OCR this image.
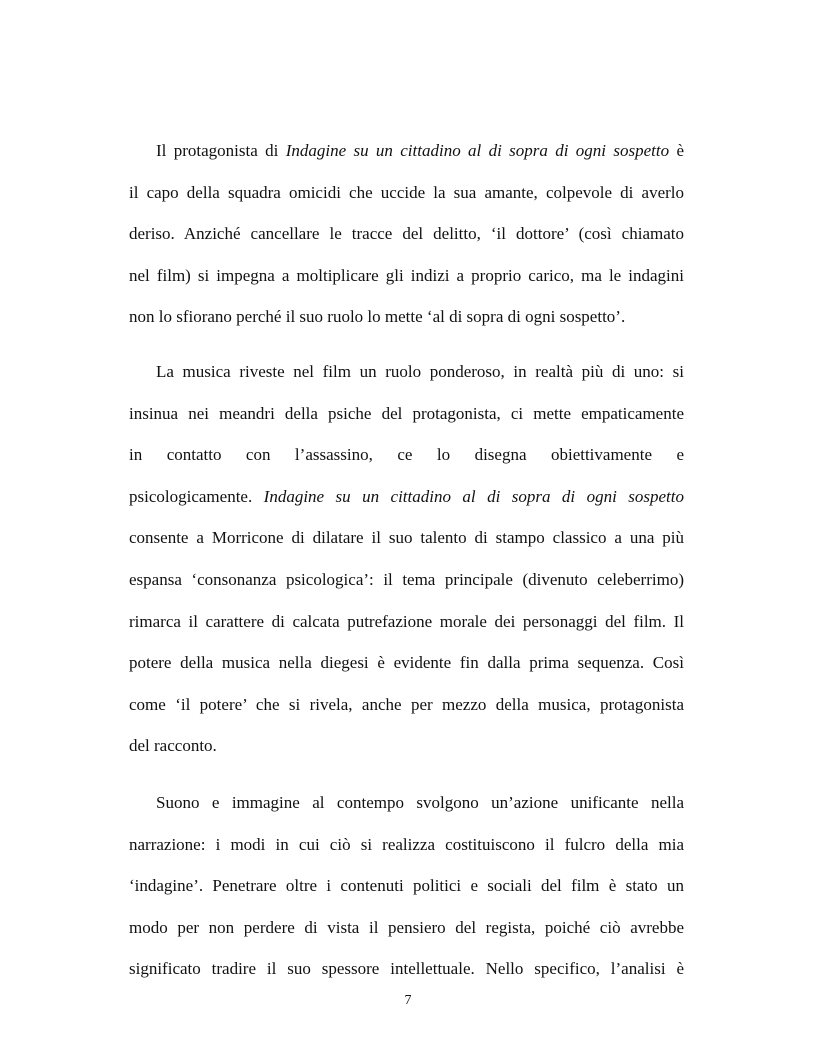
Il protagonista di Indagine su un cittadino al di sopra di ogni sospetto è
il capo della squadra omicidi che uccide la sua amante, colpevole di averlo
deriso. Anziché cancellare le tracce del delitto, ‘il dottore’ (così chiamato
nel film) si impegna a moltiplicare gli indizi a proprio carico, ma le indagini
non lo sfiorano perché il suo ruolo lo mette ‘al di sopra di ogni sospetto’.
La musica riveste nel film un ruolo ponderoso, in realtà più di uno: si
insinua nei meandri della psiche del protagonista, ci mette empaticamente
in contatto con l’assassino, ce lo disegna obiettivamente e
psicologicamente. Indagine su un cittadino al di sopra di ogni sospetto
consente a Morricone di dilatare il suo talento di stampo classico a una più
espansa ‘consonanza psicologica’: il tema principale (divenuto celeberrimo)
rimarca il carattere di calcata putrefazione morale dei personaggi del film. Il
potere della musica nella diegesi è evidente fin dalla prima sequenza. Così
come ‘il potere’ che si rivela, anche per mezzo della musica, protagonista
del racconto.
Suono e immagine al contempo svolgono un’azione unificante nella
narrazione: i modi in cui ciò si realizza costituiscono il fulcro della mia
‘indagine’. Penetrare oltre i contenuti politici e sociali del film è stato un
modo per non perdere di vista il pensiero del regista, poiché ciò avrebbe
significato tradire il suo spessore intellettuale. Nello specifico, l’analisi è
7
